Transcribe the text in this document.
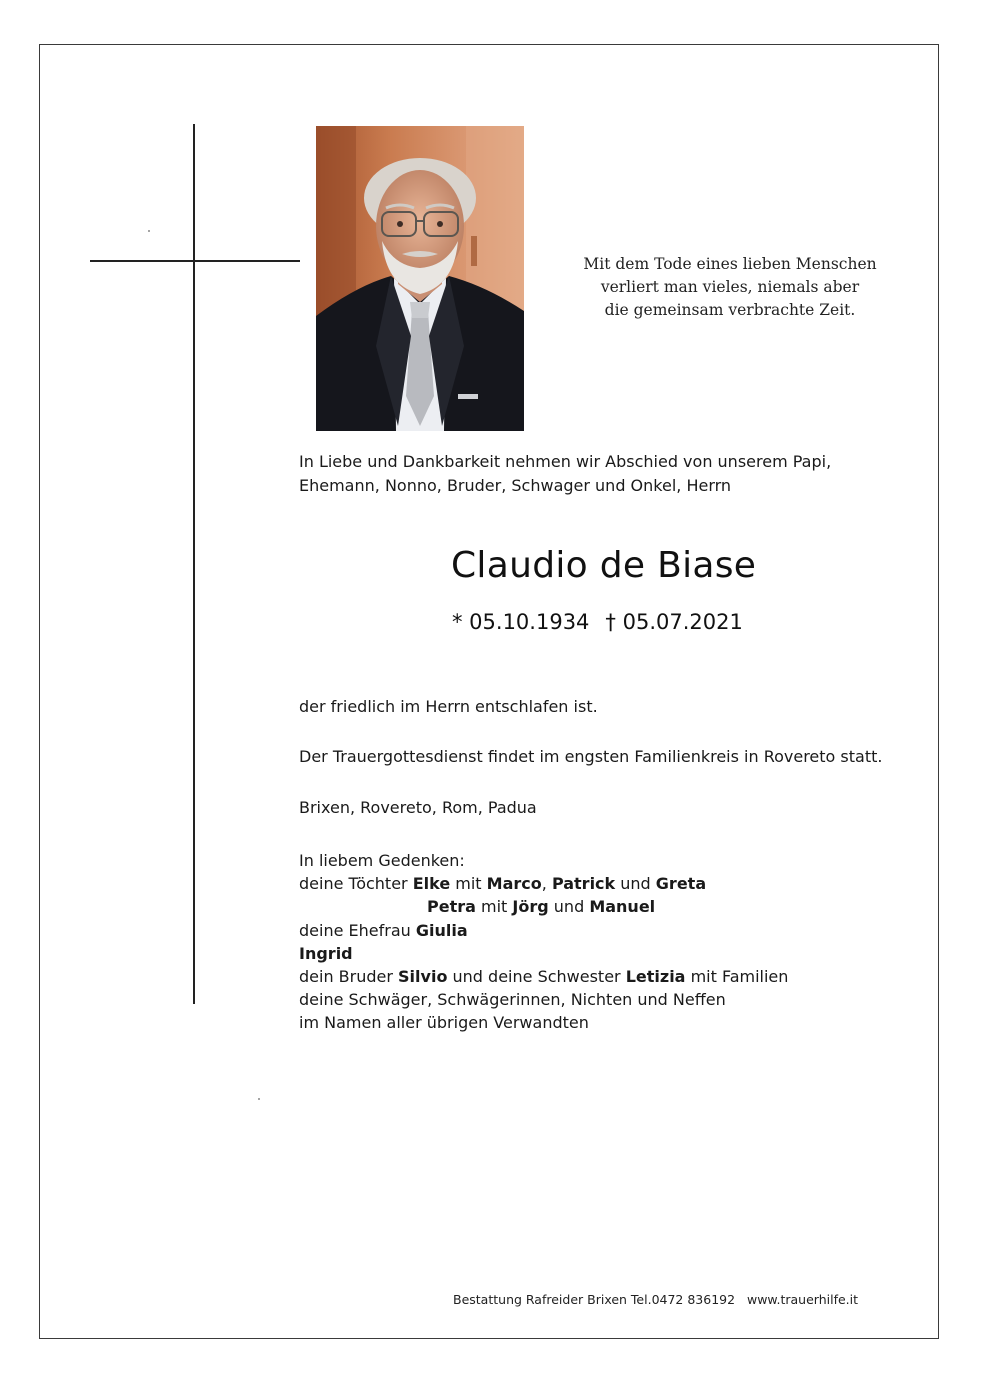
Mit dem Tode eines lieben Menschen
verliert man vieles, niemals aber
die gemeinsam verbrachte Zeit.
In Liebe und Dankbarkeit nehmen wir Abschied von unserem Papi,
Ehemann, Nonno, Bruder, Schwager und Onkel, Herrn
Claudio de Biase
* 05.10.1934 † 05.07.2021
der friedlich im Herrn entschlafen ist.
Der Trauergottesdienst findet im engsten Familienkreis in Rovereto statt.
Brixen, Rovereto, Rom, Padua
In liebem Gedenken:
deine Töchter Elke mit Marco, Patrick und Greta
Petra mit Jörg und Manuel
deine Ehefrau Giulia
Ingrid
dein Bruder Silvio und deine Schwester Letizia mit Familien
deine Schwäger, Schwägerinnen, Nichten und Neffen
im Namen aller übrigen Verwandten
Bestattung Rafreider Brixen Tel.0472 836192   www.trauerhilfe.it
